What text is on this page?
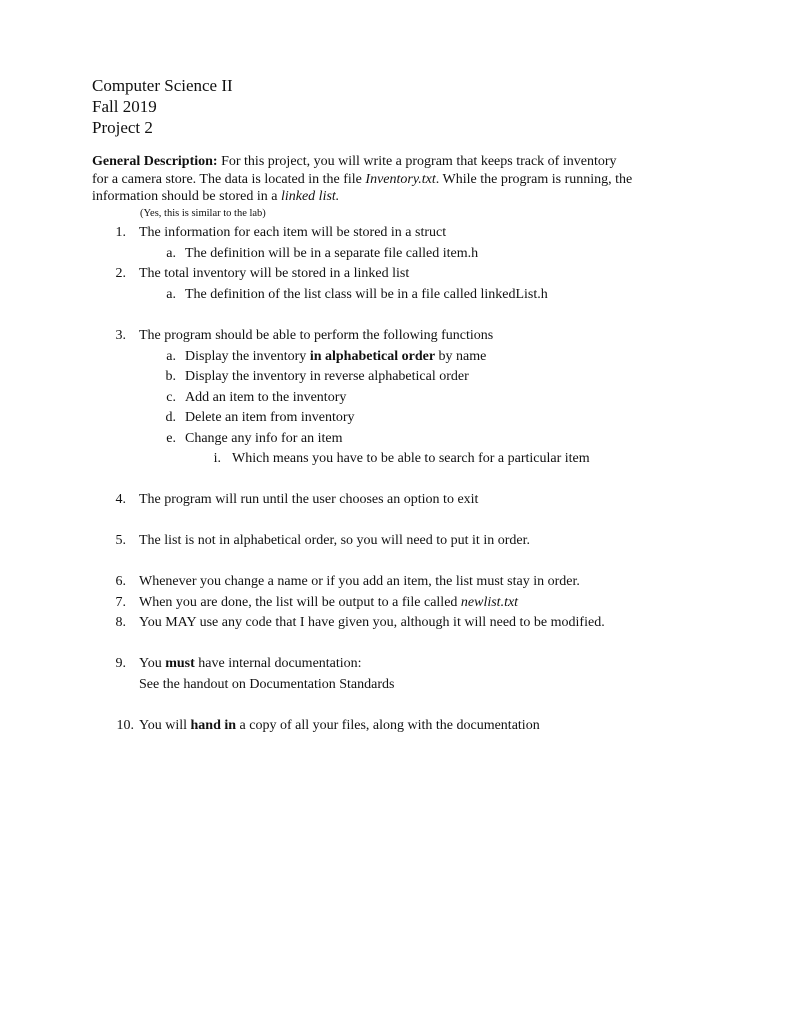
Computer Science II
Fall 2019
Project 2

General Description: For this project, you will write a program that keeps track of inventory

for a camera store. The data is located in the file Inventory.txt. While the program is running, the

information should be stored in a linked list.

(Yes, this is similar to the lab)
1. The information for each item will be stored in a struct
a. The definition will be in a separate file called item.h
2. The total inventory will be stored in a linked list
a. The definition of the list class will be in a file called linkedList.h
3. The program should be able to perform the following functions
a. Display the inventory in alphabetical order by name
b. Display the inventory in reverse alphabetical order
c. Add an item to the inventory
d. Delete an item from inventory
e. Change any info for an item
i. Which means you have to be able to search for a particular item
4. The program will run until the user chooses an option to exit
5. The list is not in alphabetical order, so you will need to put it in order.
6. Whenever you change a name or if you add an item, the list must stay in order.
7. When you are done, the list will be output to a file called newlist.txt
8. You MAY use any code that I have given you, although it will need to be modified.
9. You must have internal documentation:
See the handout on Documentation Standards
10. You will hand in a copy of all your files, along with the documentation
